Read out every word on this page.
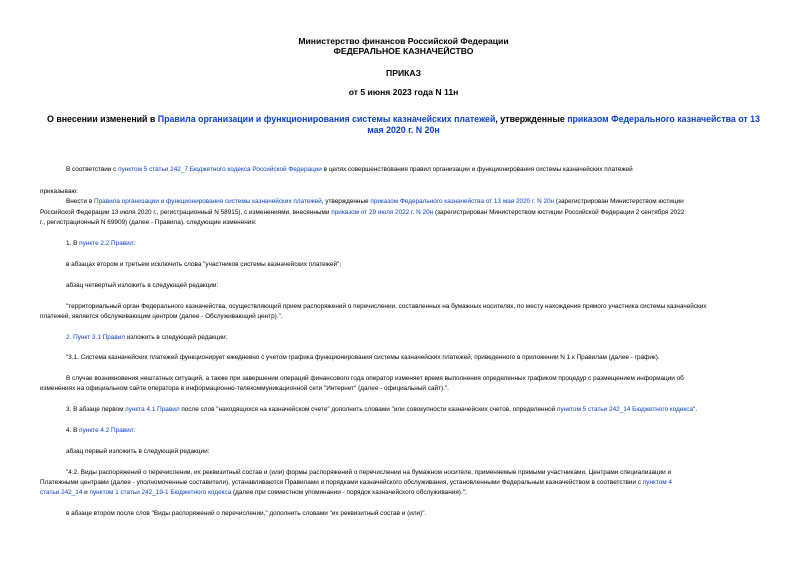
Министерство финансов Российской Федерации
ФЕДЕРАЛЬНОЕ КАЗНАЧЕЙСТВО
ПРИКАЗ
от 5 июня 2023 года N 11н
О внесении изменений в Правила организации и функционирования системы казначейских платежей, утвержденные приказом Федерального казначейства от 13 мая 2020 г. N 20н
В соответствии с пунктом 5 статьи 242_7 Бюджетного кодекса Российской Федерации в целях совершенствования правил организации и функционирования системы казначейских платежей
приказываю:
Внести в Правила организации и функционирования системы казначейских платежей, утвержденные приказом Федерального казначейства от 13 мая 2020 г. N 20н (зарегистрирован Министерством юстиции
Российской Федерации 13 июля 2020 г., регистрационный N 58915), с изменениями, внесенными приказом от 29 июля 2022 г. N 20н (зарегистрирован Министерством юстиции Российской Федерации 2 сентября 2022
г., регистрационный N 69909) (далее - Правила), следующие изменения:
1. В пункте 2.2 Правил:
в абзацах втором и третьем исключить слова "участников системы казначейских платежей";
абзац четвертый изложить в следующей редакции:
"территориальный орган Федерального казначейства, осуществляющий прием распоряжений о перечислении, составленных на бумажных носителях, по месту нахождения прямого участника системы казначейских
платежей, является обслуживающим центром (далее - Обслуживающий центр).".
2. Пункт 3.1 Правил изложить в следующей редакции:
"3.1. Система казначейских платежей функционирует ежедневно с учетом графика функционирования системы казначейских платежей, приведенного в приложении N 1 к Правилам (далее - график).
В случае возникновения нештатных ситуаций, а также при завершении операций финансового года оператор изменяет время выполнения определенных графиком процедур с размещением информации об
изменениях на официальном сайте оператора в информационно-телекоммуникационной сети "Интернет" (далее - официальный сайт).".
3. В абзаце первом пункта 4.1 Правил после слов "находящихся на казначейском счете" дополнить словами "или совокупности казначейских счетов, определенной пунктом 5 статьи 242_14 Бюджетного кодекса".
4. В пункте 4.2 Правил:
абзац первый изложить в следующей редакции:
"4.2. Виды распоряжений о перечислении, их реквизитный состав и (или) формы распоряжений о перечислении на бумажном носителе, применяемые прямыми участниками, Центрами специализации и
Платежными центрами (далее - уполномоченные составители), устанавливаются Правилами и порядками казначейского обслуживания, установленными Федеральным казначейством в соответствии с пунктом 4
статьи 242_14 и пунктом 1 статьи 242_19-1 Бюджетного кодекса (далее при совместном упоминании - порядок казначейского обслуживания).";
в абзаце втором после слов "Виды распоряжений о перечислении," дополнить словами "их реквизитный состав и (или)".
